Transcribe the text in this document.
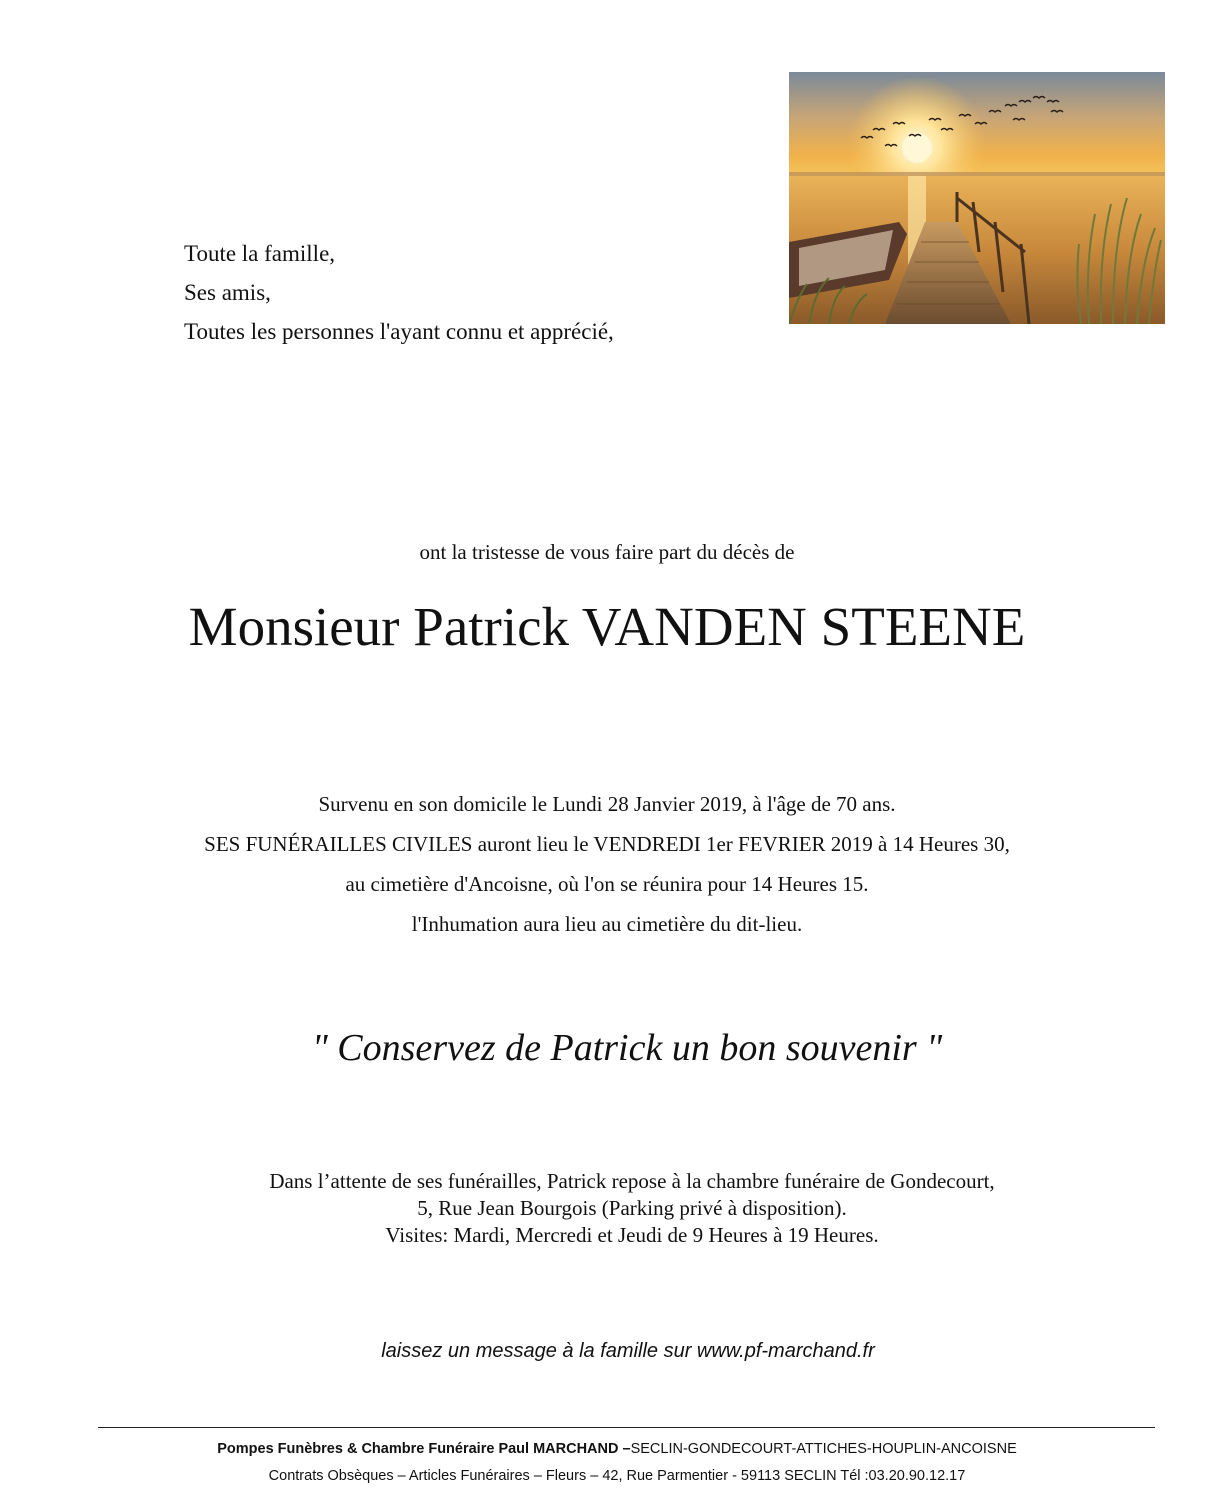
Toute la famille,
Ses amis,
Toutes les personnes l'ayant connu et apprécié,
ont la tristesse de vous faire part du décès de
Monsieur Patrick VANDEN STEENE
Survenu en son domicile le Lundi 28 Janvier 2019, à l'âge de 70 ans.
SES FUNÉRAILLES CIVILES auront lieu le VENDREDI 1er FEVRIER 2019 à 14 Heures 30,
au cimetière d'Ancoisne, où l'on se réunira pour 14 Heures 15.
l'Inhumation aura lieu au cimetière du dit-lieu.
" Conservez de Patrick un bon souvenir "
Dans l’attente de ses funérailles, Patrick repose à la chambre funéraire de Gondecourt,
5, Rue Jean Bourgois (Parking privé à disposition).
Visites: Mardi, Mercredi et Jeudi de 9 Heures à 19 Heures.
laissez un message à la famille sur www.pf-marchand.fr
Pompes Funèbres & Chambre Funéraire Paul MARCHAND –SECLIN-GONDECOURT-ATTICHES-HOUPLIN-ANCOISNE
Contrats Obsèques – Articles Funéraires – Fleurs – 42, Rue Parmentier - 59113 SECLIN Tél :03.20.90.12.17
